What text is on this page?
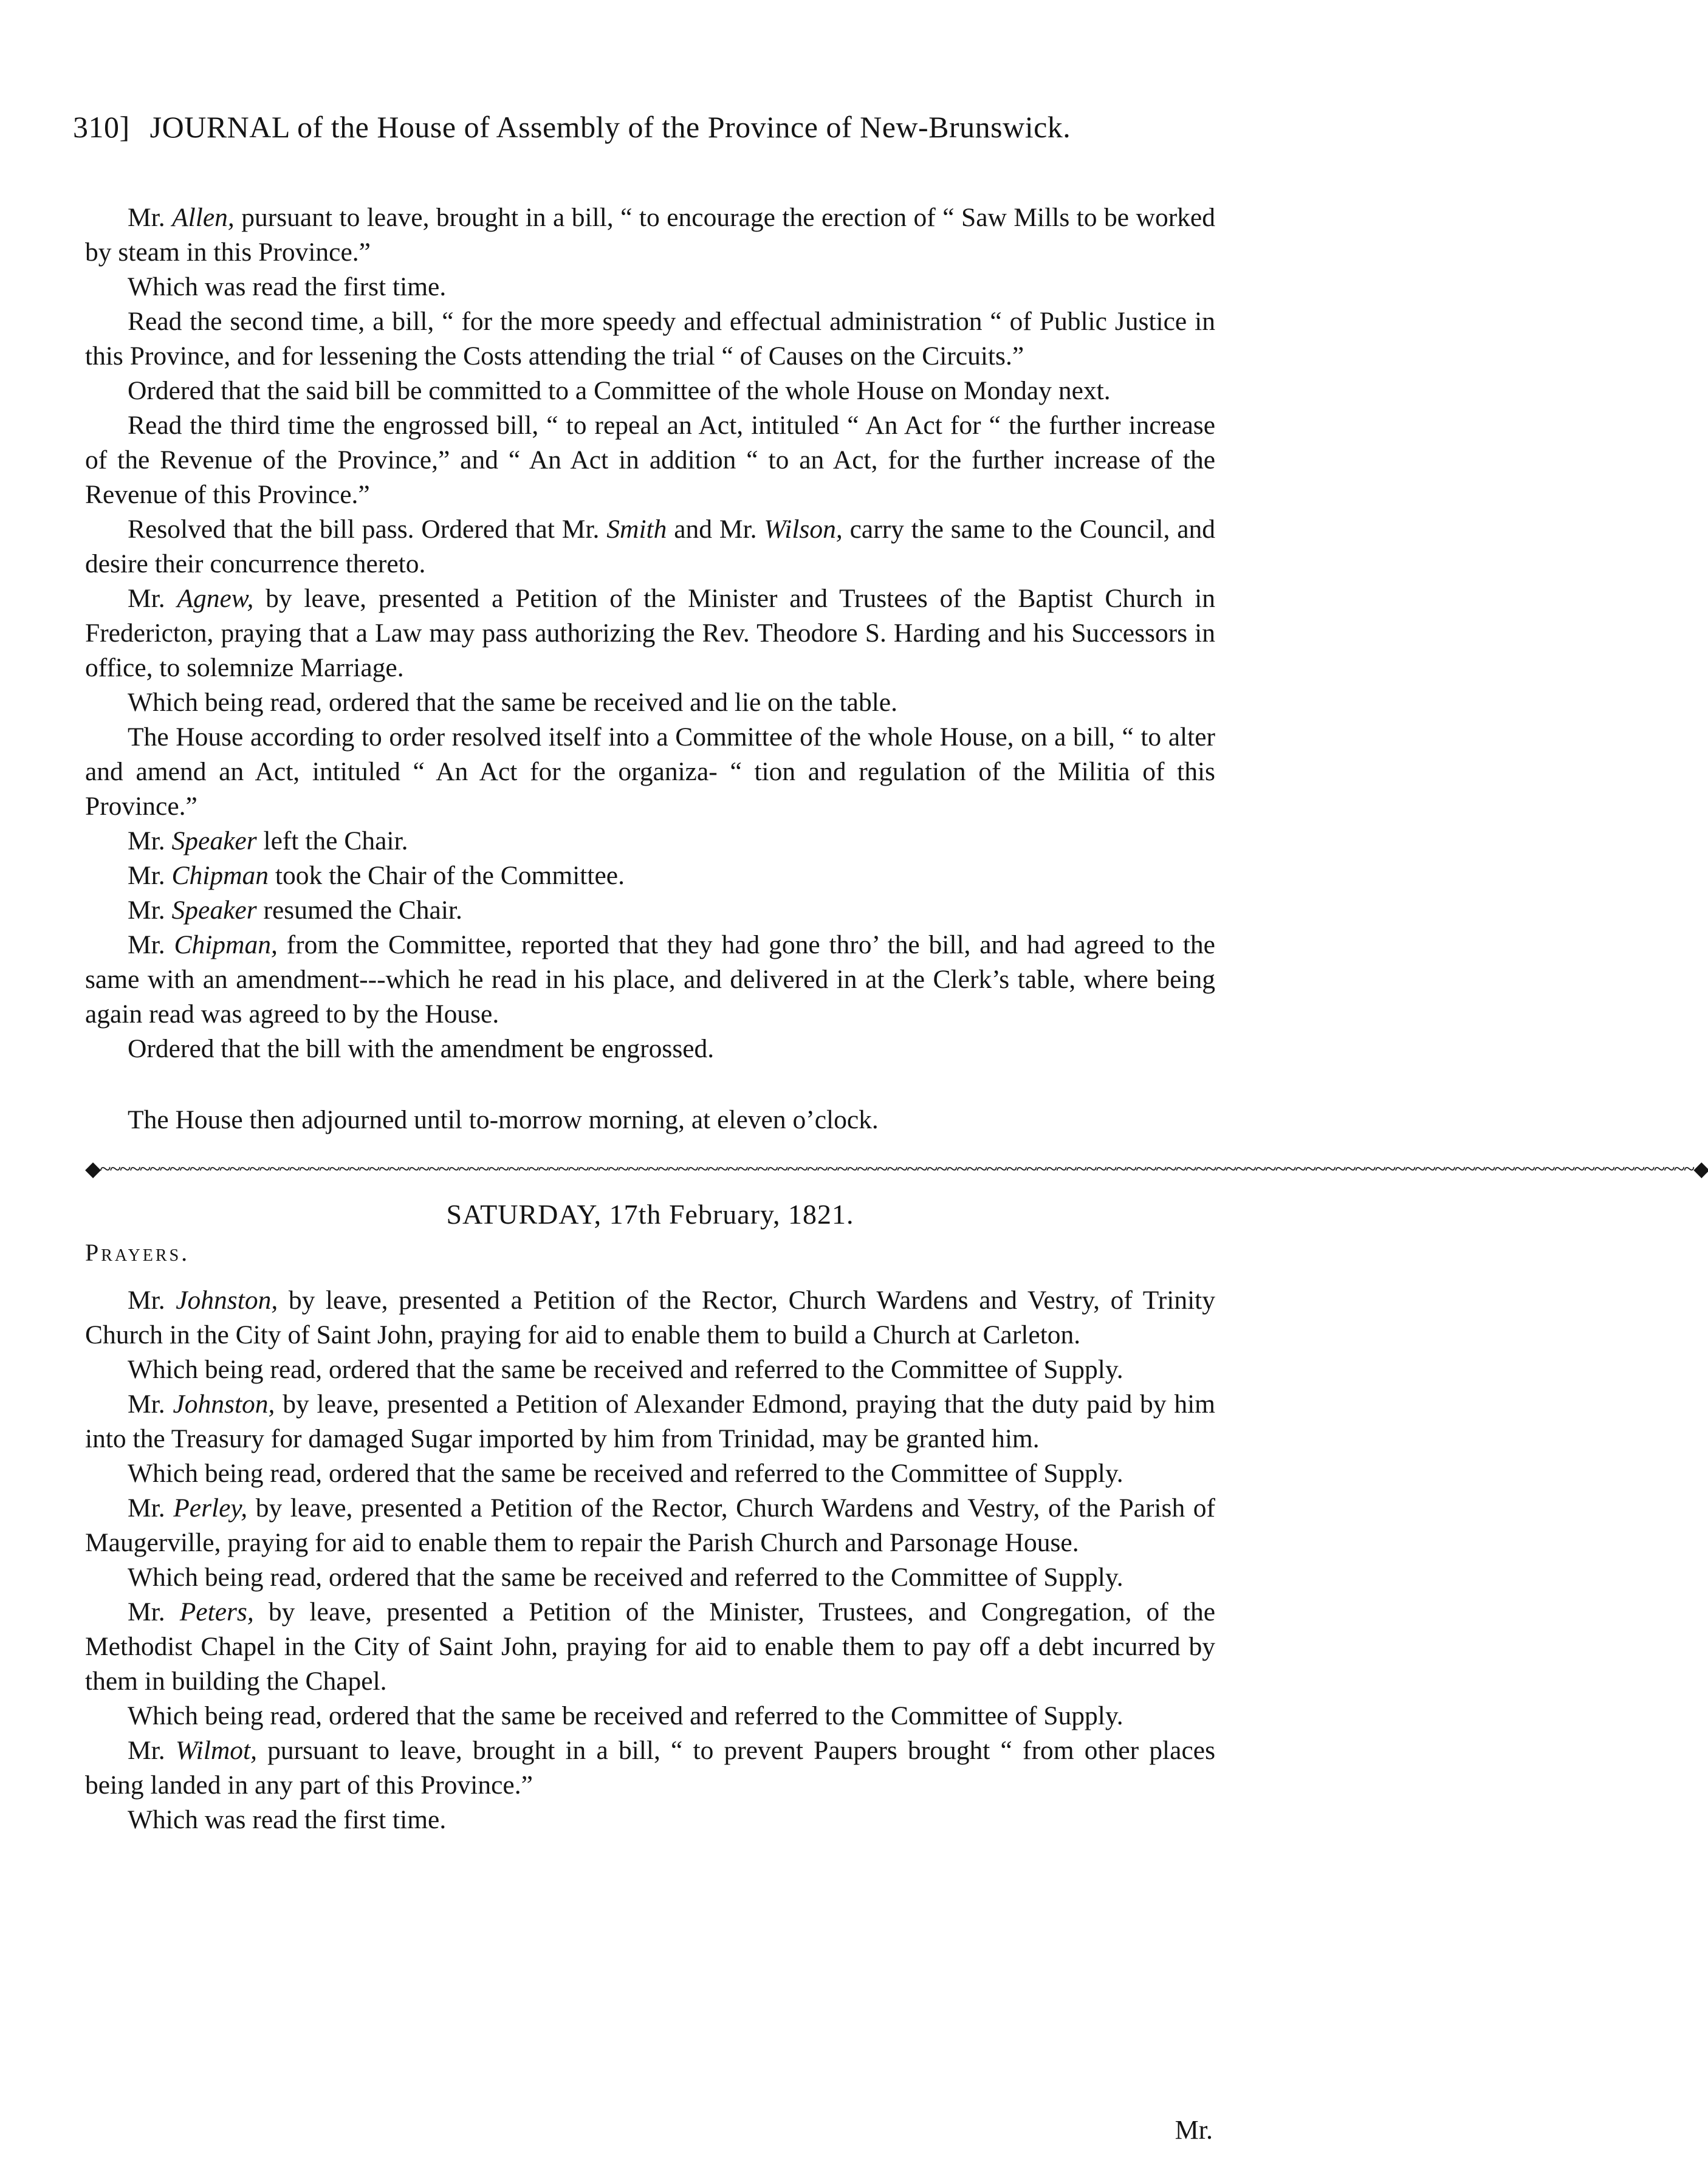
310] JOURNAL of the House of Assembly of the Province of New-Brunswick.

Mr. Allen, pursuant to leave, brought in a bill, “ to encourage the erection of “ Saw Mills to be worked by steam in this Province.”

Which was read the first time.

Read the second time, a bill, “ for the more speedy and effectual administration “ of Public Justice in this Province, and for lessening the Costs attending the trial “ of Causes on the Circuits.”

Ordered that the said bill be committed to a Committee of the whole House on Monday next.

Read the third time the engrossed bill, “ to repeal an Act, intituled “ An Act for “ the further increase of the Revenue of the Province,” and “ An Act in addition “ to an Act, for the further increase of the Revenue of this Province.”

Resolved that the bill pass. Ordered that Mr. Smith and Mr. Wilson, carry the same to the Council, and desire their concurrence thereto.

Mr. Agnew, by leave, presented a Petition of the Minister and Trustees of the Baptist Church in Fredericton, praying that a Law may pass authorizing the Rev. Theodore S. Harding and his Successors in office, to solemnize Marriage.

Which being read, ordered that the same be received and lie on the table.

The House according to order resolved itself into a Committee of the whole House, on a bill, “ to alter and amend an Act, intituled “ An Act for the organiza- “ tion and regulation of the Militia of this Province.”

Mr. Speaker left the Chair.

Mr. Chipman took the Chair of the Committee.

Mr. Speaker resumed the Chair.

Mr. Chipman, from the Committee, reported that they had gone thro’ the bill, and had agreed to the same with an amendment---which he read in his place, and delivered in at the Clerk’s table, where being again read was agreed to by the House.

Ordered that the bill with the amendment be engrossed.

The House then adjourned until to-morrow morning, at eleven o’clock.

◆~~~~~~~~~~~~~~~~~~~~~~~~~~~~~~~~~~~~~~~~~~~~~~~~~~~~~~~~~~~~~~~~~~~~~~~~~~~~~~~~~~~~~~~~~~~~~~~~~~~~~~~~~~~~~~~~~~~~~~~~~~~~~~~~~~~~~~~~~~~~~~~~~~~~~~~~~~~~~~~~◆
SATURDAY, 17th February, 1821.
Prayers.

Mr. Johnston, by leave, presented a Petition of the Rector, Church Wardens and Vestry, of Trinity Church in the City of Saint John, praying for aid to enable them to build a Church at Carleton.

Which being read, ordered that the same be received and referred to the Committee of Supply.

Mr. Johnston, by leave, presented a Petition of Alexander Edmond, praying that the duty paid by him into the Treasury for damaged Sugar imported by him from Trinidad, may be granted him.

Which being read, ordered that the same be received and referred to the Committee of Supply.

Mr. Perley, by leave, presented a Petition of the Rector, Church Wardens and Vestry, of the Parish of Maugerville, praying for aid to enable them to repair the Parish Church and Parsonage House.

Which being read, ordered that the same be received and referred to the Committee of Supply.

Mr. Peters, by leave, presented a Petition of the Minister, Trustees, and Congregation, of the Methodist Chapel in the City of Saint John, praying for aid to enable them to pay off a debt incurred by them in building the Chapel.

Which being read, ordered that the same be received and referred to the Committee of Supply.

Mr. Wilmot, pursuant to leave, brought in a bill, “ to prevent Paupers brought “ from other places being landed in any part of this Province.”

Which was read the first time.

Mr.
